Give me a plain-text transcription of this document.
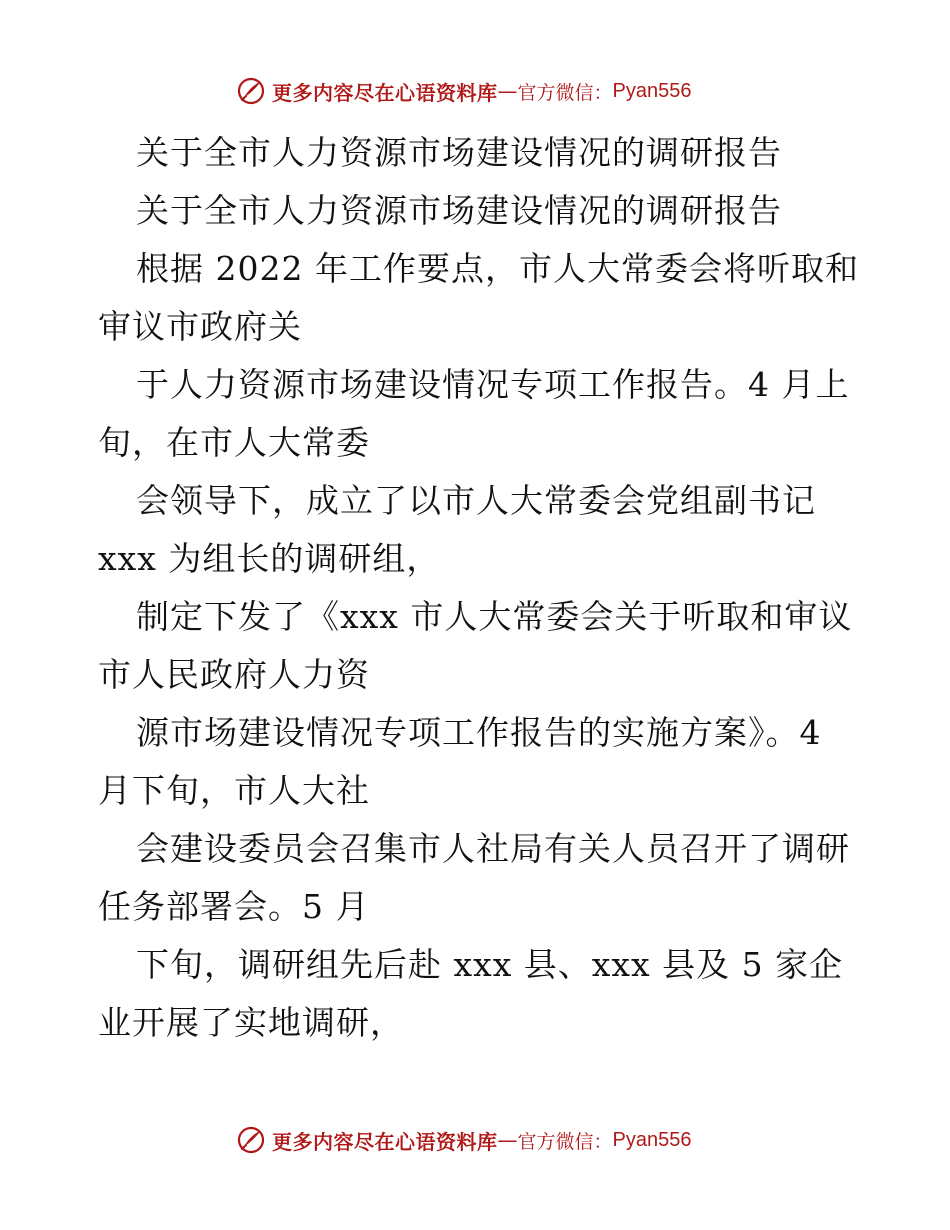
更多内容尽在心语资料库 — 官方微信： Pyan556
关于全市人力资源市场建设情况的调研报告
关于全市人力资源市场建设情况的调研报告
根据 2022 年工作要点，市人大常委会将听取和
审议市政府关
于人力资源市场建设情况专项工作报告。4 月上
旬，在市人大常委
会领导下，成立了以市人大常委会党组副书记
xxx 为组长的调研组，
制定下发了《xxx 市人大常委会关于听取和审议
市人民政府人力资
源市场建设情况专项工作报告的实施方案》。4
月下旬，市人大社
会建设委员会召集市人社局有关人员召开了调研
任务部署会。5 月
下旬，调研组先后赴 xxx 县、xxx 县及 5 家企
业开展了实地调研，
更多内容尽在心语资料库 — 官方微信： Pyan556
